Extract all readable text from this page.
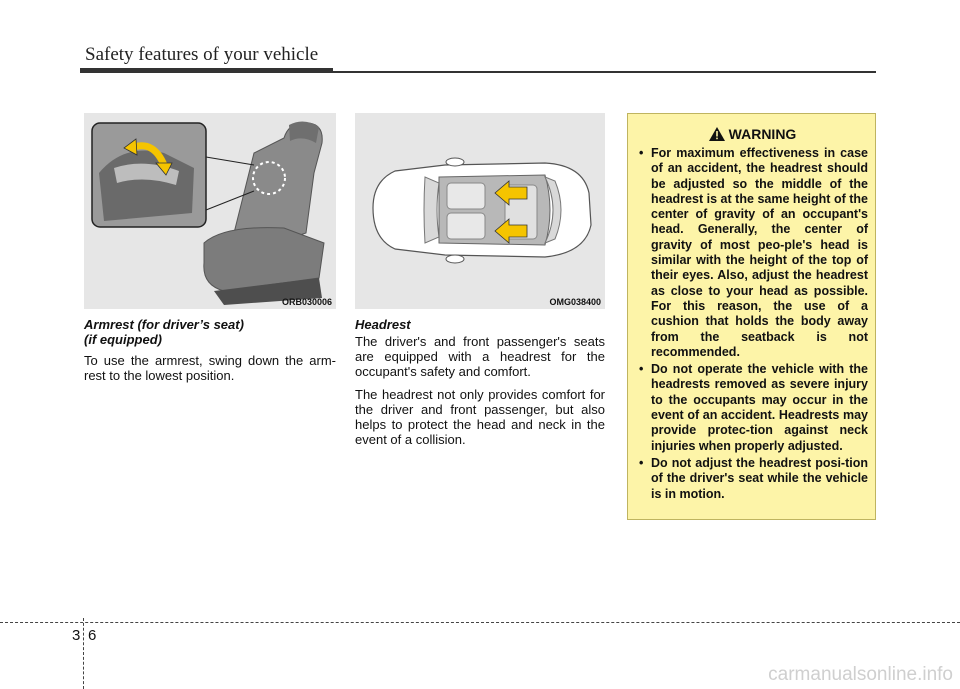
Safety features of your vehicle
ORB030006	OMG038400

Armrest (for driver’s seat)
(if equipped)

To use the armrest, swing down the arm-rest to the lowest position.

Headrest

The driver's and front passenger's seats are equipped with a headrest for the occupant's safety and comfort.

The headrest not only provides comfort for the driver and front passenger, but also helps to protect the head and neck in the event of a collision.

WARNING
• For maximum effectiveness in case of an accident, the headrest should be adjusted so the middle of the headrest is at the same height of the center of gravity of an occupant's head. Generally, the center of gravity of most peo-ple's head is similar with the height of the top of their eyes. Also, adjust the headrest as close to your head as possible. For this reason, the use of a cushion that holds the body away from the seatback is not recommended.
• Do not operate the vehicle with the headrests removed as severe injury to the occupants may occur in the event of an accident. Headrests may provide protec-tion against neck injuries when properly adjusted.
• Do not adjust the headrest posi-tion of the driver's seat while the vehicle is in motion.
3 6
carmanualsonline.info
